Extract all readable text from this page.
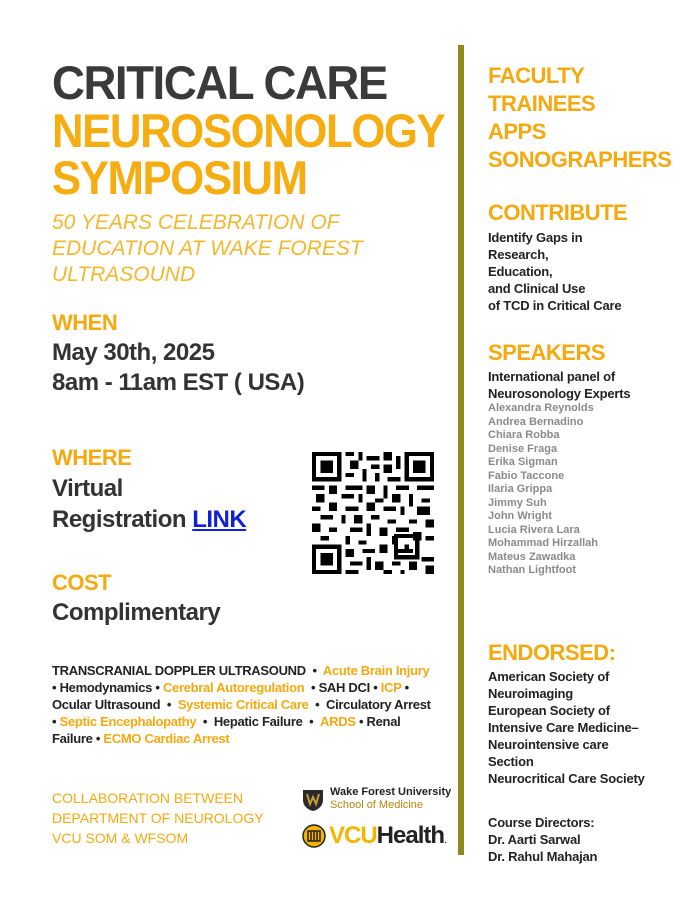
CRITICAL CARE
NEUROSONOLOGY
SYMPOSIUM
50 YEARS CELEBRATION OF EDUCATION AT WAKE FOREST ULTRASOUND
WHEN
May 30th, 2025
8am - 11am EST ( USA)
WHERE
Virtual
Registration LINK
COST
Complimentary
TRANSCRANIAL DOPPLER ULTRASOUND  •  Acute Brain Injury • Hemodynamics • Cerebral Autoregulation  • SAH DCI • ICP • Ocular Ultrasound  •  Systemic Critical Care  •  Circulatory Arrest • Septic Encephalopathy  •  Hepatic Failure  •  ARDS • Renal Failure • ECMO Cardiac Arrest
COLLABORATION BETWEEN
DEPARTMENT OF NEUROLOGY
VCU SOM & WFSOM
Wake Forest University
School of Medicine
VCUHealth.
FACULTY
TRAINEES
APPS
SONOGRAPHERS
CONTRIBUTE
Identify Gaps in
Research,
Education,
and Clinical Use
of TCD in Critical Care
SPEAKERS
International panel of
Neurosonology Experts
Alexandra Reynolds
Andrea Bernadino
Chiara Robba
Denise Fraga
Erika Sigman
Fabio Taccone
Ilaria Grippa
Jimmy Suh
John Wright
Lucia Rivera Lara
Mohammad Hirzallah
Mateus Zawadka
Nathan Lightfoot
ENDORSED:
American Society of
Neuroimaging
European Society of
Intensive Care Medicine–
Neurointensive care
Section
Neurocritical Care Society
Course Directors:
Dr. Aarti Sarwal
Dr. Rahul Mahajan
